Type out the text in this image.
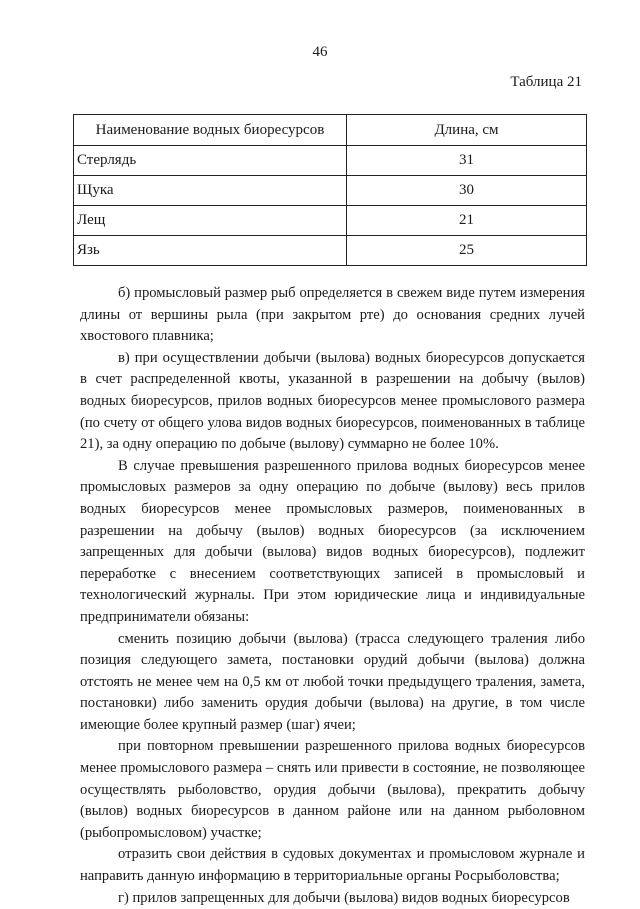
46
Таблица 21
Наименование водных биоресурсов	Длина, см
Стерлядь	31
Щука	30
Лещ	21
Язь	25

б) промысловый размер рыб определяется в свежем виде путем измерения длины от вершины рыла (при закрытом рте) до основания средних лучей хвостового плавника;

в) при осуществлении добычи (вылова) водных биоресурсов допускается в счет распределенной квоты, указанной в разрешении на добычу (вылов) водных биоресурсов, прилов водных биоресурсов менее промыслового размера (по счету от общего улова видов водных биоресурсов, поименованных в таблице 21), за одну операцию по добыче (вылову) суммарно не более 10%.

В случае превышения разрешенного прилова водных биоресурсов менее промысловых размеров за одну операцию по добыче (вылову) весь прилов водных биоресурсов менее промысловых размеров, поименованных в разрешении на добычу (вылов) водных биоресурсов (за исключением запрещенных для добычи (вылова) видов водных биоресурсов), подлежит переработке с внесением соответствующих записей в промысловый и технологический журналы. При этом юридические лица и индивидуальные предприниматели обязаны:

сменить позицию добычи (вылова) (трасса следующего траления либо позиция следующего замета, постановки орудий добычи (вылова) должна отстоять не менее чем на 0,5 км от любой точки предыдущего траления, замета, постановки) либо заменить орудия добычи (вылова) на другие, в том числе имеющие более крупный размер (шаг) ячеи;

при повторном превышении разрешенного прилова водных биоресурсов менее промыслового размера – снять или привести в состояние, не позволяющее осуществлять рыболовство, орудия добычи (вылова), прекратить добычу (вылов) водных биоресурсов в данном районе или на данном рыболовном (рыбопромысловом) участке;

отразить свои действия в судовых документах и промысловом журнале и направить данную информацию в территориальные органы Росрыболовства;

г) прилов запрещенных для добычи (вылова) видов водных биоресурсов
